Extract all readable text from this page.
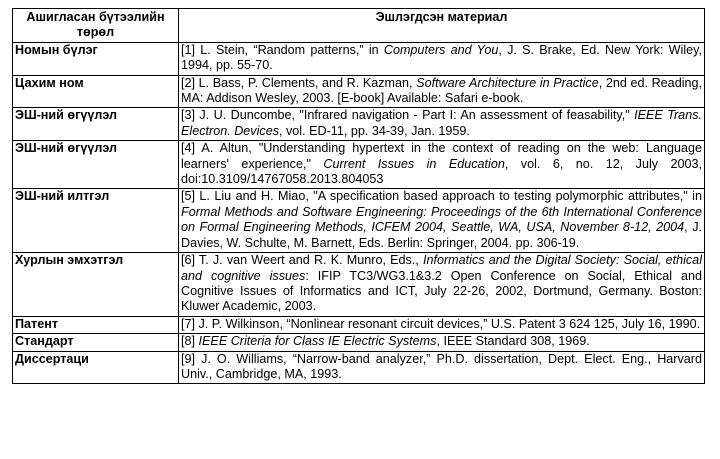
Ашигласан бүтээлийн төрөл	Эшлэгдсэн материал
Номын бүлэг	[1] L. Stein, “Random patterns,” in Computers and You, J. S. Brake, Ed. New York: Wiley, 1994, pp. 55-70.
Цахим ном	[2] L. Bass, P. Clements, and R. Kazman, Software Architecture in Practice, 2nd ed. Reading, MA: Addison Wesley, 2003. [E-book] Available: Safari e-book.
ЭШ-ний өгүүлэл	[3] J. U. Duncombe, "Infrared navigation - Part I: An assessment of feasability," IEEE Trans. Electron. Devices, vol. ED-11, pp. 34-39, Jan. 1959.
ЭШ-ний өгүүлэл	[4] A. Altun, "Understanding hypertext in the context of reading on the web: Language learners' experience," Current Issues in Education, vol. 6, no. 12, July 2003, doi:10.3109/14767058.2013.804053
ЭШ-ний илтгэл	[5] L. Liu and H. Miao, "A specification based approach to testing polymorphic attributes," in Formal Methods and Software Engineering: Proceedings of the 6th International Conference on Formal Engineering Methods, ICFEM 2004, Seattle, WA, USA, November 8-12, 2004, J. Davies, W. Schulte, M. Barnett, Eds. Berlin: Springer, 2004. pp. 306-19.
Хурлын эмхэтгэл	[6] T. J. van Weert and R. K. Munro, Eds., Informatics and the Digital Society: Social, ethical and cognitive issues: IFIP TC3/WG3.1&3.2 Open Conference on Social, Ethical and Cognitive Issues of Informatics and ICT, July 22-26, 2002, Dortmund, Germany. Boston: Kluwer Academic, 2003.
Патент	[7] J. P. Wilkinson, “Nonlinear resonant circuit devices,” U.S. Patent 3 624 125, July 16, 1990.
Стандарт	[8] IEEE Criteria for Class IE Electric Systems, IEEE Standard 308, 1969.
Диссертаци	[9] J. O. Williams, “Narrow-band analyzer,” Ph.D. dissertation, Dept. Elect. Eng., Harvard Univ., Cambridge, MA, 1993.
